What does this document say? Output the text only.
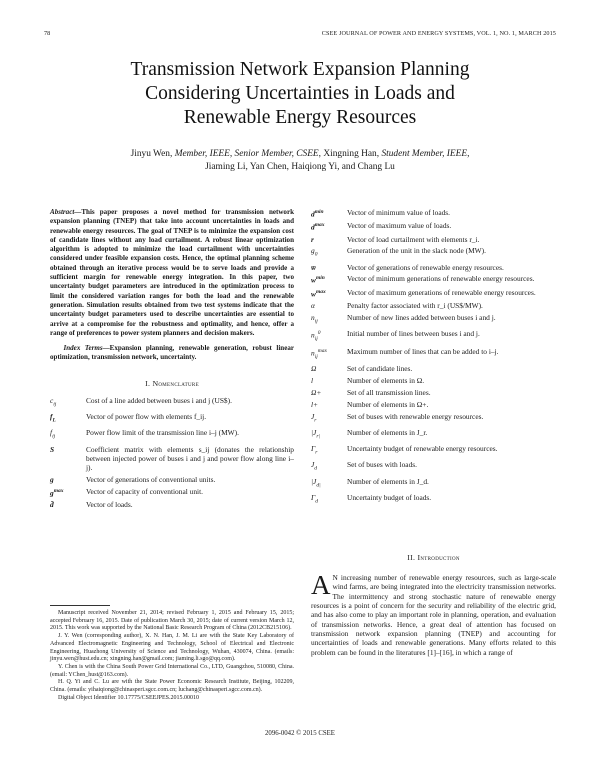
78	CSEE JOURNAL OF POWER AND ENERGY SYSTEMS, VOL. 1, NO. 1, MARCH 2015
Transmission Network Expansion Planning
Considering Uncertainties in Loads and
Renewable Energy Resources
Jinyu Wen, Member, IEEE, Senior Member, CSEE, Xingning Han, Student Member, IEEE,
Jiaming Li, Yan Chen, Haiqiong Yi, and Chang Lu
Abstract—This paper proposes a novel method for transmission network expansion planning (TNEP) that take into account uncertainties in loads and renewable energy resources. The goal of TNEP is to minimize the expansion cost of candidate lines without any load curtailment. A robust linear optimization algorithm is adopted to minimize the load curtailment with uncertainties considered under feasible expansion costs. Hence, the optimal planning scheme obtained through an iterative process would be to serve loads and provide a sufficient margin for renewable energy integration. In this paper, two uncertainty budget parameters are introduced in the optimization process to limit the considered variation ranges for both the load and the renewable generation. Simulation results obtained from two test systems indicate that the uncertainty budget parameters used to describe uncertainties are essential to arrive at a compromise for the robustness and optimality, and hence, offer a range of preferences to power system planners and decision makers.
Index Terms—Expansion planning, renewable generation, robust linear optimization, transmission network, uncertainty.
I. Nomenclature
$c_{ij}$	Cost of a line added between buses i and j (US$).
$f_L$	Vector of power flow with elements f_ij.
$f_{ij}$	Power flow limit of the transmission line i–j (MW).
S	Coefficient matrix with elements s_ij (donates the relationship between injected power of buses i and j and power flow along line i–j).
g	Vector of generations of conventional units.
$g^{max}$	Vector of capacity of conventional unit.
d̄	Vector of loads.

Manuscript received November 21, 2014; revised February 1, 2015 and February 15, 2015; accepted February 16, 2015. Date of publication March 30, 2015; date of current version March 12, 2015. This work was supported by the National Basic Research Program of China (2012CB215106).

J. Y. Wen (corresponding author), X. N. Han, J. M. Li are with the State Key Laboratory of Advanced Electromagnetic Engineering and Technology, School of Electrical and Electronic Engineering, Huazhong University of Science and Technology, Wuhan, 430074, China. (emails: jinyu.wen@hust.edu.cn; xingning.han@gmail.com; jiaming.li.sgo@qq.com).

Y. Chen is with the China South Power Grid International Co., LTD, Guangzhou, 510080, China. (email: YChen_hust@163.com).

H. Q. Yi and C. Lu are with the State Power Economic Research Institute, Beijing, 102209, China. (emails: yihaiqiong@chinasperi.sgcc.com.cn; luchang@chinasperi.sgcc.com.cn).

Digital Object Identifier 10.17775/CSEEJPES.2015.00010

$d^{min}$	Vector of minimum value of loads.
$d^{max}$	Vector of maximum value of loads.
r	Vector of load curtailment with elements r_i.
$g_0$	Generation of the unit in the slack node (MW).
w̄	Vector of generations of renewable energy resources.
$w^{min}$	Vector of minimum generations of renewable energy resources.
$w^{max}$	Vector of maximum generations of renewable energy resources.
α	Penalty factor associated with r_i (US$/MW).
$n_{ij}$	Number of new lines added between buses i and j.
$n_{ij}^0$	Initial number of lines between buses i and j.
$n_{ij}^{max}$	Maximum number of lines that can be added to i–j.
Ω	Set of candidate lines.
l	Number of elements in Ω.
Ω+	Set of all transmission lines.
l+	Number of elements in Ω+.
$J_r$	Set of buses with renewable energy resources.
$|J_{r|}$	Number of elements in J_r.
$\Gamma_r$	Uncertainty budget of renewable energy resources.
$J_d$	Set of buses with loads.
$|J_{d|}$	Number of elements in J_d.
$\Gamma_d$	Uncertainty budget of loads.
II. Introduction
A N increasing number of renewable energy resources, such as large-scale wind farms, are being integrated into the electricity transmission networks. The intermittency and strong stochastic nature of renewable energy resources is a point of concern for the security and reliability of the electric grid, and has also come to play an important role in planning, operation, and evaluation of transmission networks. Hence, a great deal of attention has focused on transmission network expansion planning (TNEP) and accounting for uncertainties of loads and renewable generations. Many efforts related to this problem can be found in the literatures [1]–[16], in which a range of
2096-0042 © 2015 CSEE
